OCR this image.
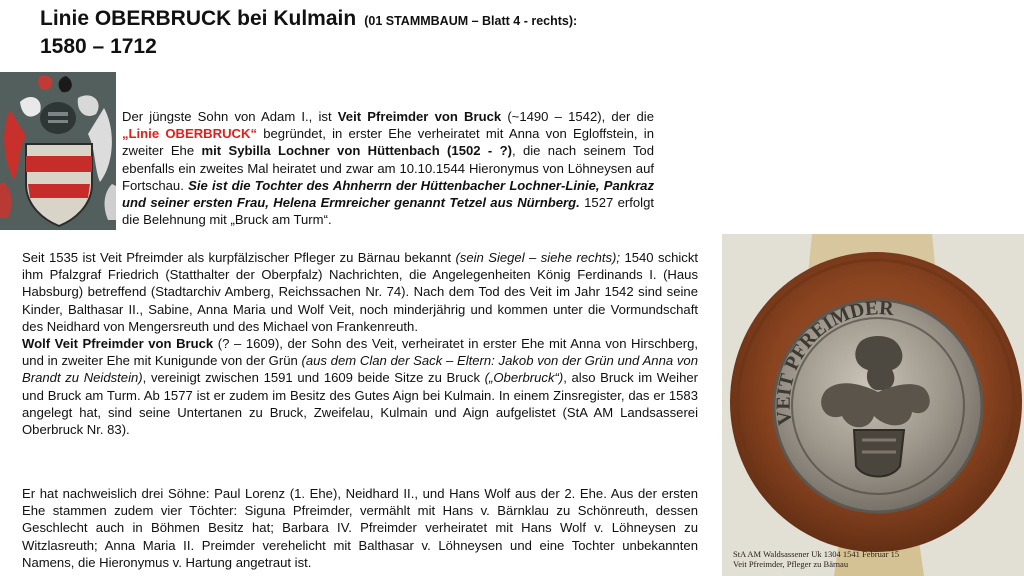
Linie OBERBRUCK bei Kulmain (01 STAMMBAUM – Blatt 4 - rechts):
1580 – 1712
Der jüngste Sohn von Adam I., ist Veit Pfreimder von Bruck (~1490 – 1542), der die „Linie OBERBRUCK“ begründet, in erster Ehe verheiratet mit Anna von Egloffstein, in zweiter Ehe mit Sybilla Lochner von Hüttenbach (1502 - ?), die nach seinem Tod ebenfalls ein zweites Mal heiratet und zwar am 10.10.1544 Hieronymus von Löhneysen auf Fortschau. Sie ist die Tochter des Ahnherrn der Hüttenbacher Lochner-Linie, Pankraz und seiner ersten Frau, Helena Ermreicher genannt Tetzel aus Nürnberg. 1527 erfolgt die Belehnung mit „Bruck am Turm“.
Seit 1535 ist Veit Pfreimder als kurpfälzischer Pfleger zu Bärnau bekannt (sein Siegel – siehe rechts); 1540 schickt ihm Pfalzgraf Friedrich (Statthalter der Oberpfalz) Nachrichten, die Angelegenheiten König Ferdinands I. (Haus Habsburg) betreffend (Stadtarchiv Amberg, Reichssachen Nr. 74). Nach dem Tod des Veit im Jahr 1542 sind seine Kinder, Balthasar II., Sabine, Anna Maria und Wolf Veit, noch minderjährig und kommen unter die Vormundschaft des Neidhard von Mengersreuth und des Michael von Frankenreuth.
Wolf Veit Pfreimder von Bruck (? – 1609), der Sohn des Veit, verheiratet in erster Ehe mit Anna von Hirschberg, und in zweiter Ehe mit Kunigunde von der Grün (aus dem Clan der Sack – Eltern: Jakob von der Grün und Anna von Brandt zu Neidstein), vereinigt zwischen 1591 und 1609 beide Sitze zu Bruck („Oberbruck“), also Bruck im Weiher und Bruck am Turm. Ab 1577 ist er zudem im Besitz des Gutes Aign bei Kulmain. In einem Zinsregister, das er 1583 angelegt hat, sind seine Untertanen zu Bruck, Zweifelau, Kulmain und Aign aufgelistet (StA AM Landsasserei Oberbruck Nr. 83).
Er hat nachweislich drei Söhne: Paul Lorenz (1. Ehe), Neidhard II., und Hans Wolf aus der 2. Ehe. Aus der ersten Ehe stammen zudem vier Töchter: Siguna Pfreimder, vermählt mit Hans v. Bärnklau zu Schönreuth, dessen Geschlecht auch in Böhmen Besitz hat; Barbara IV. Pfreimder verheiratet mit Hans Wolf v. Löhneysen zu Witzlasreuth; Anna Maria II. Preimder verehelicht mit Balthasar v. Löhneysen und eine Tochter unbekannten Namens, die Hieronymus v. Hartung angetraut ist.
VEIT PFREIMDER
StA AM Waldsassener Uk 1304 1541 Februar 15
Veit Pfreimder, Pfleger zu Bärnau
